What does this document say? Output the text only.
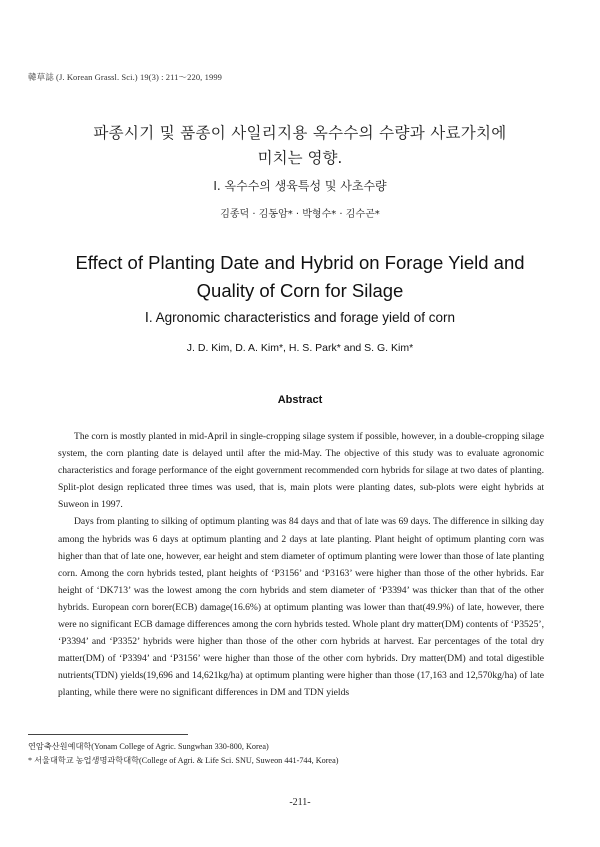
韓草誌 (J. Korean Grassl. Sci.) 19(3) : 211～220, 1999
파종시기 및 품종이 사일리지용 옥수수의 수량과 사료가치에
미치는 영향.
Ⅰ. 옥수수의 생육특성 및 사초수량
김종덕 · 김동암* · 박형수* · 김수곤*
Effect of Planting Date and Hybrid on Forage Yield and
Quality of Corn for Silage
Ⅰ. Agronomic characteristics and forage yield of corn
J. D. Kim, D. A. Kim*, H. S. Park* and S. G. Kim*
Abstract

The corn is mostly planted in mid-April in single-cropping silage system if possible, however, in a double-cropping silage system, the corn planting date is delayed until after the mid-May. The objective of this study was to evaluate agronomic characteristics and forage performance of the eight government recommended corn hybrids for silage at two dates of planting. Split-plot design replicated three times was used, that is, main plots were planting dates, sub-plots were eight hybrids at Suweon in 1997.

Days from planting to silking of optimum planting was 84 days and that of late was 69 days. The difference in silking day among the hybrids was 6 days at optimum planting and 2 days at late planting. Plant height of optimum planting corn was higher than that of late one, however, ear height and stem diameter of optimum planting were lower than those of late planting corn. Among the corn hybrids tested, plant heights of ‘P3156’ and ‘P3163’ were higher than those of the other hybrids. Ear height of ‘DK713’ was the lowest among the corn hybrids and stem diameter of ‘P3394’ was thicker than that of the other hybrids. European corn borer(ECB) damage(16.6%) at optimum planting was lower than that(49.9%) of late, however, there were no significant ECB damage differences among the corn hybrids tested. Whole plant dry matter(DM) contents of ‘P3525’, ‘P3394’ and ‘P3352’ hybrids were higher than those of the other corn hybrids at harvest. Ear percentages of the total dry matter(DM) of ‘P3394’ and ‘P3156’ were higher than those of the other corn hybrids. Dry matter(DM) and total digestible nutrients(TDN) yields(19,696 and 14,621kg/ha) at optimum planting were higher than those (17,163 and 12,570kg/ha) of late planting, while there were no significant differences in DM and TDN yields

연암축산원예대학(Yonam College of Agric. Sungwhan 330-800, Korea)
* 서울대학교 농업생명과학대학(College of Agri. & Life Sci. SNU, Suweon 441-744, Korea)
-211-
